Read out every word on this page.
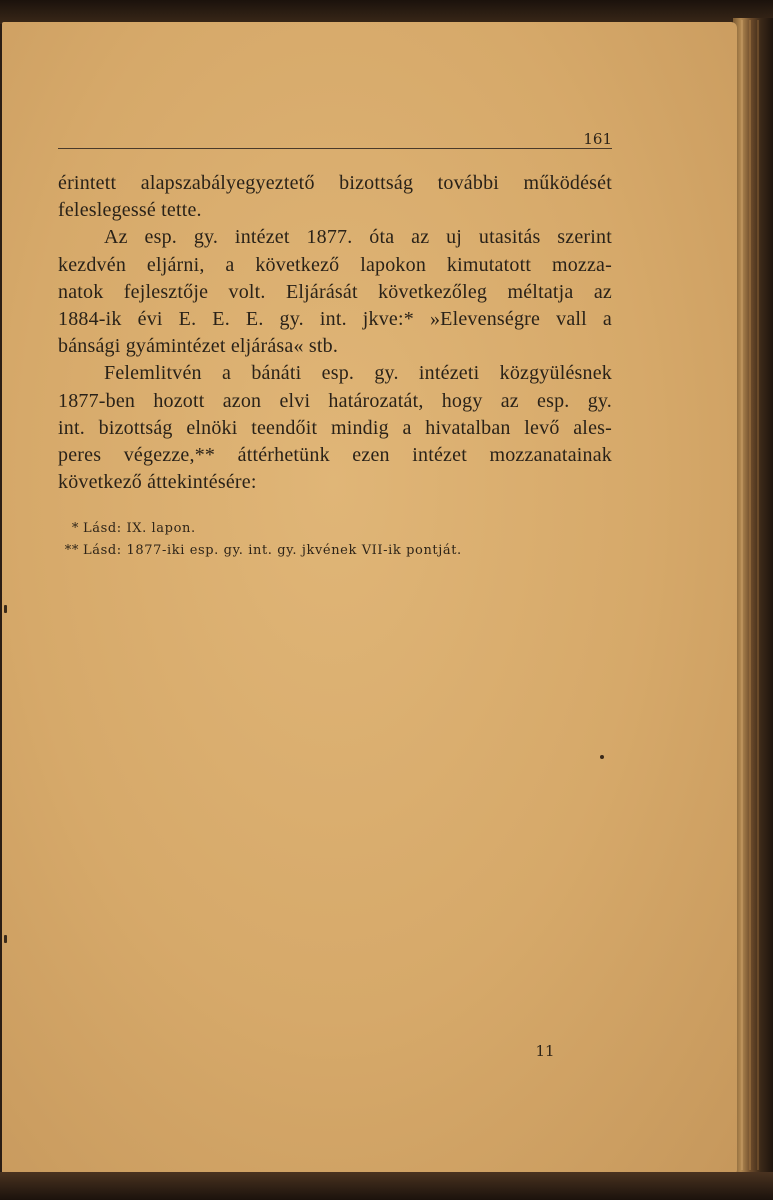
161
érintett alapszabályegyeztető bizottság további működését
feleslegessé tette.
Az esp. gy. intézet 1877. óta az uj utasitás szerint
kezdvén eljárni, a következő lapokon kimutatott mozza-
natok fejlesztője volt. Eljárását következőleg méltatja az
1884-ik évi E. E. E. gy. int. jkve:* »Elevenségre vall a
bánsági gyámintézet eljárása« stb.
Felemlitvén a bánáti esp. gy. intézeti közgyülésnek
1877-ben hozott azon elvi határozatát, hogy az esp. gy.
int. bizottság elnöki teendőit mindig a hivatalban levő ales-
peres végezze,** áttérhetünk ezen intézet mozzanatainak
következő áttekintésére:
* Lásd: IX. lapon.
** Lásd: 1877-iki esp. gy. int. gy. jkvének VII-ik pontját.
11
